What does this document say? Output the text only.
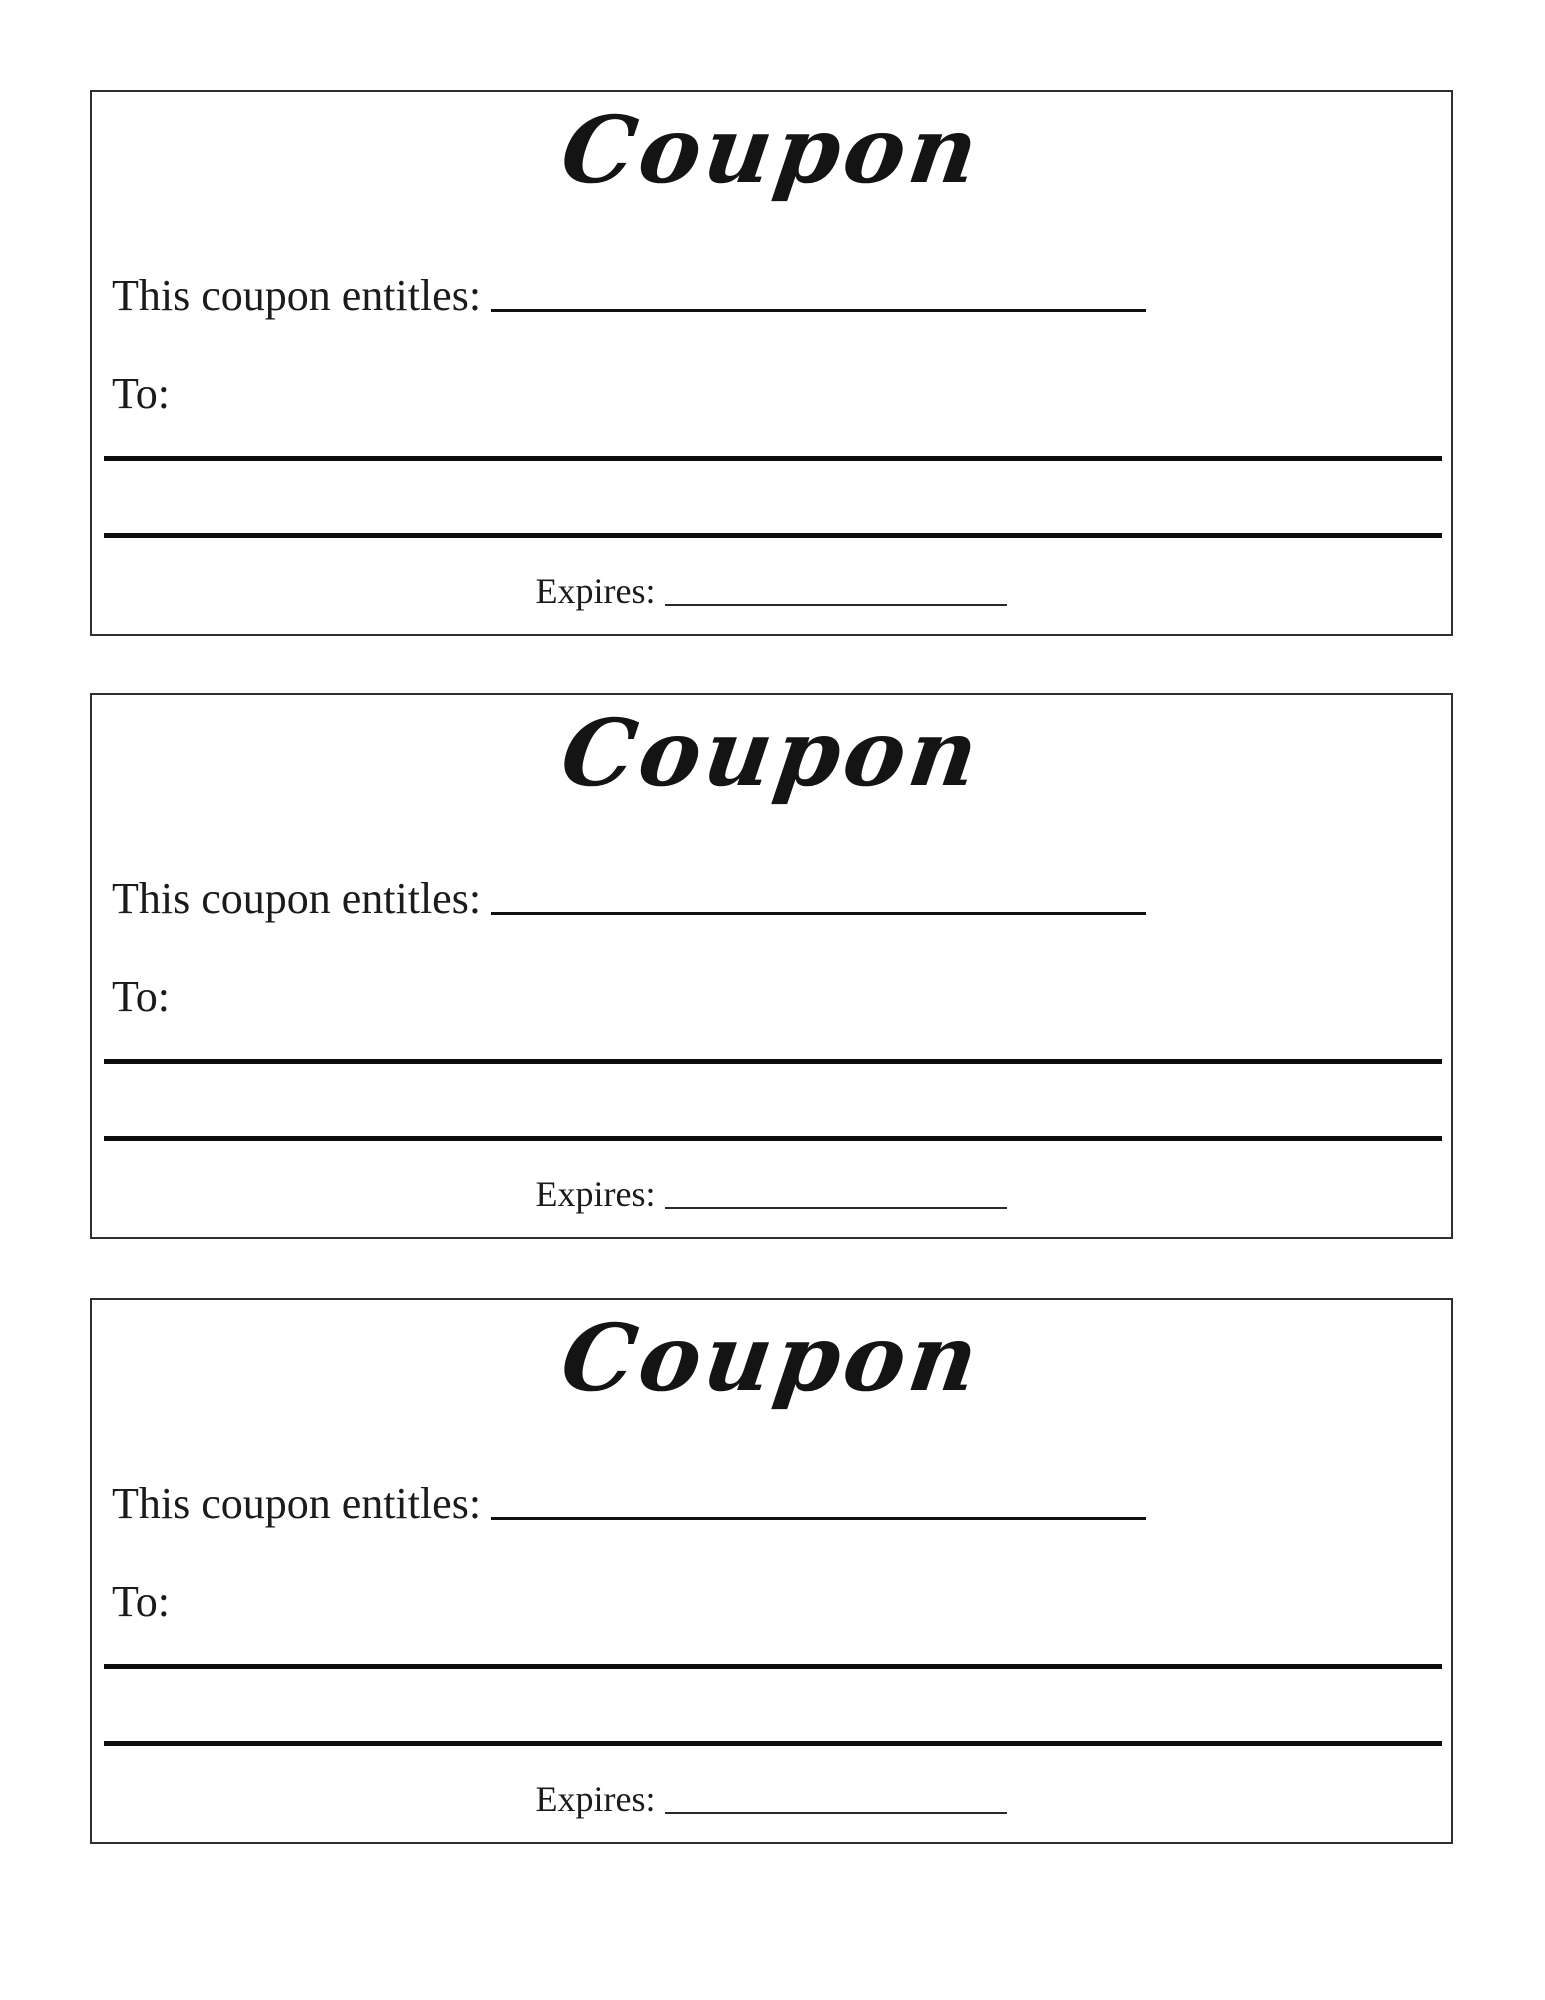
Coupon
This coupon entitles:
To:
Expires:
Coupon
This coupon entitles:
To:
Expires:
Coupon
This coupon entitles:
To:
Expires:
